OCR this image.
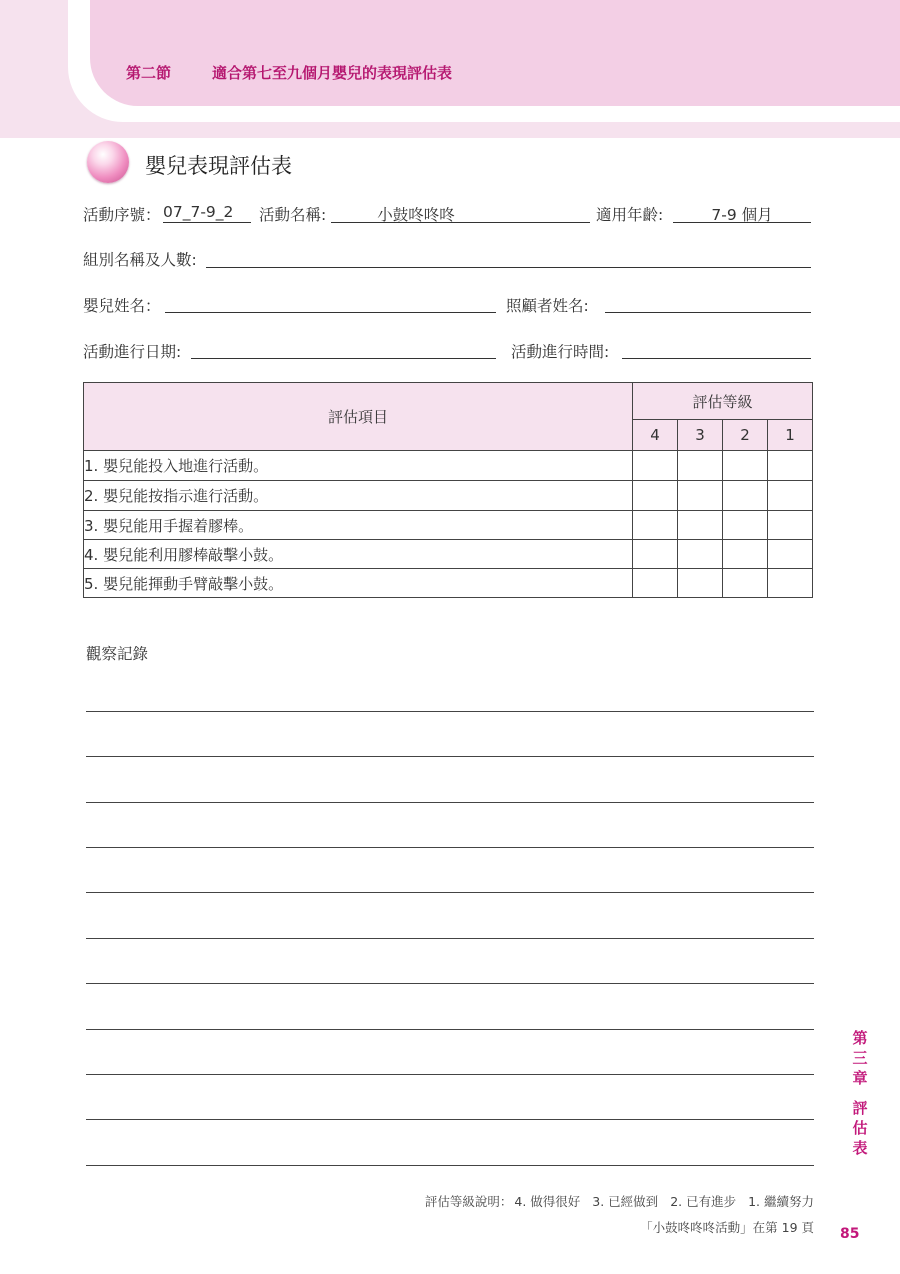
第二節	適合第七至九個月嬰兒的表現評估表
嬰兒表現評估表
活動序號： 07_7-9_2	活動名稱:	小鼓咚咚咚	適用年齡:	7-9 個月
組別名稱及人數:
嬰兒姓名：	照顧者姓名:
活動進行日期:	活動進行時間:
評估項目	評估等級			
	4	3	2	1
1. 嬰兒能投入地進行活動。				
2. 嬰兒能按指示進行活動。				
3. 嬰兒能用手握着膠棒。				
4. 嬰兒能利用膠棒敲擊小鼓。				
5. 嬰兒能揮動手臂敲擊小鼓。				
觀察記錄
第
三
章
評
估
表
評估等級說明： 4. 做得很好 3. 已經做到 2. 已有進步 1. 繼續努力
「小鼓咚咚咚活動」在第 19 頁 85
